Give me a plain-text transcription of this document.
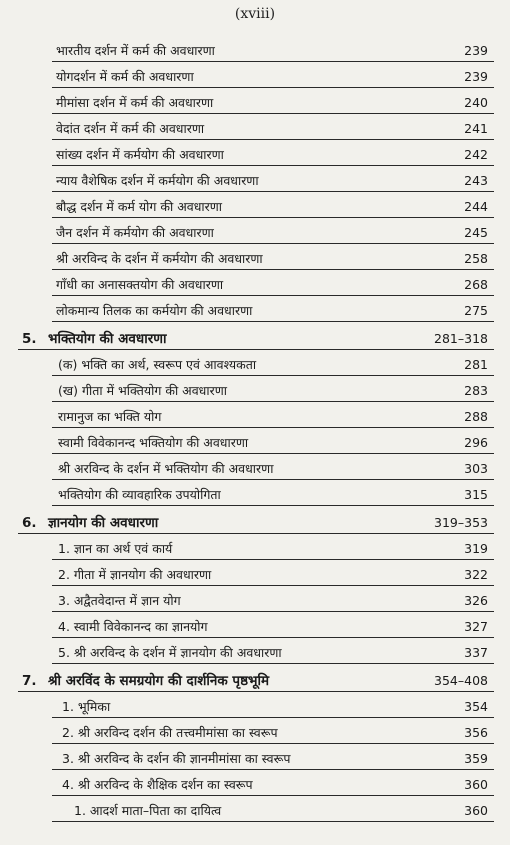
(xviii)
भारतीय दर्शन में कर्म की अवधारणा	239
योगदर्शन में कर्म की अवधारणा	239
मीमांसा दर्शन में कर्म की अवधारणा	240
वेदांत दर्शन में कर्म की अवधारणा	241
सांख्य दर्शन में कर्मयोग की अवधारणा	242
न्याय वैशेषिक दर्शन में कर्मयोग की अवधारणा	243
बौद्ध दर्शन में कर्म योग की अवधारणा	244
जैन दर्शन में कर्मयोग की अवधारणा	245
श्री अरविन्द के दर्शन में कर्मयोग की अवधारणा	258
गाँधी का अनासक्तयोग की अवधारणा	268
लोकमान्य तिलक का कर्मयोग की अवधारणा	275
5. भक्तियोग की अवधारणा	281–318
(क) भक्ति का अर्थ, स्वरूप एवं आवश्यकता	281
(ख) गीता में भक्तियोग की अवधारणा	283
रामानुज का भक्ति योग	288
स्वामी विवेकानन्द भक्तियोग की अवधारणा	296
श्री अरविन्द के दर्शन में भक्तियोग की अवधारणा	303
भक्तियोग की व्यावहारिक उपयोगिता	315
6. ज्ञानयोग की अवधारणा	319–353
1. ज्ञान का अर्थ एवं कार्य	319
2. गीता में ज्ञानयोग की अवधारणा	322
3. अद्वैतवेदान्त में ज्ञान योग	326
4. स्वामी विवेकानन्द का ज्ञानयोग	327
5. श्री अरविन्द के दर्शन में ज्ञानयोग की अवधारणा	337
7. श्री अरविंद के समग्रयोग की दार्शनिक पृष्ठभूमि	354–408
1. भूमिका	354
2. श्री अरविन्द दर्शन की तत्त्वमीमांसा का स्वरूप	356
3. श्री अरविन्द के दर्शन की ज्ञानमीमांसा का स्वरूप	359
4. श्री अरविन्द के शैक्षिक दर्शन का स्वरूप	360
1. आदर्श माता–पिता का दायित्व	360
